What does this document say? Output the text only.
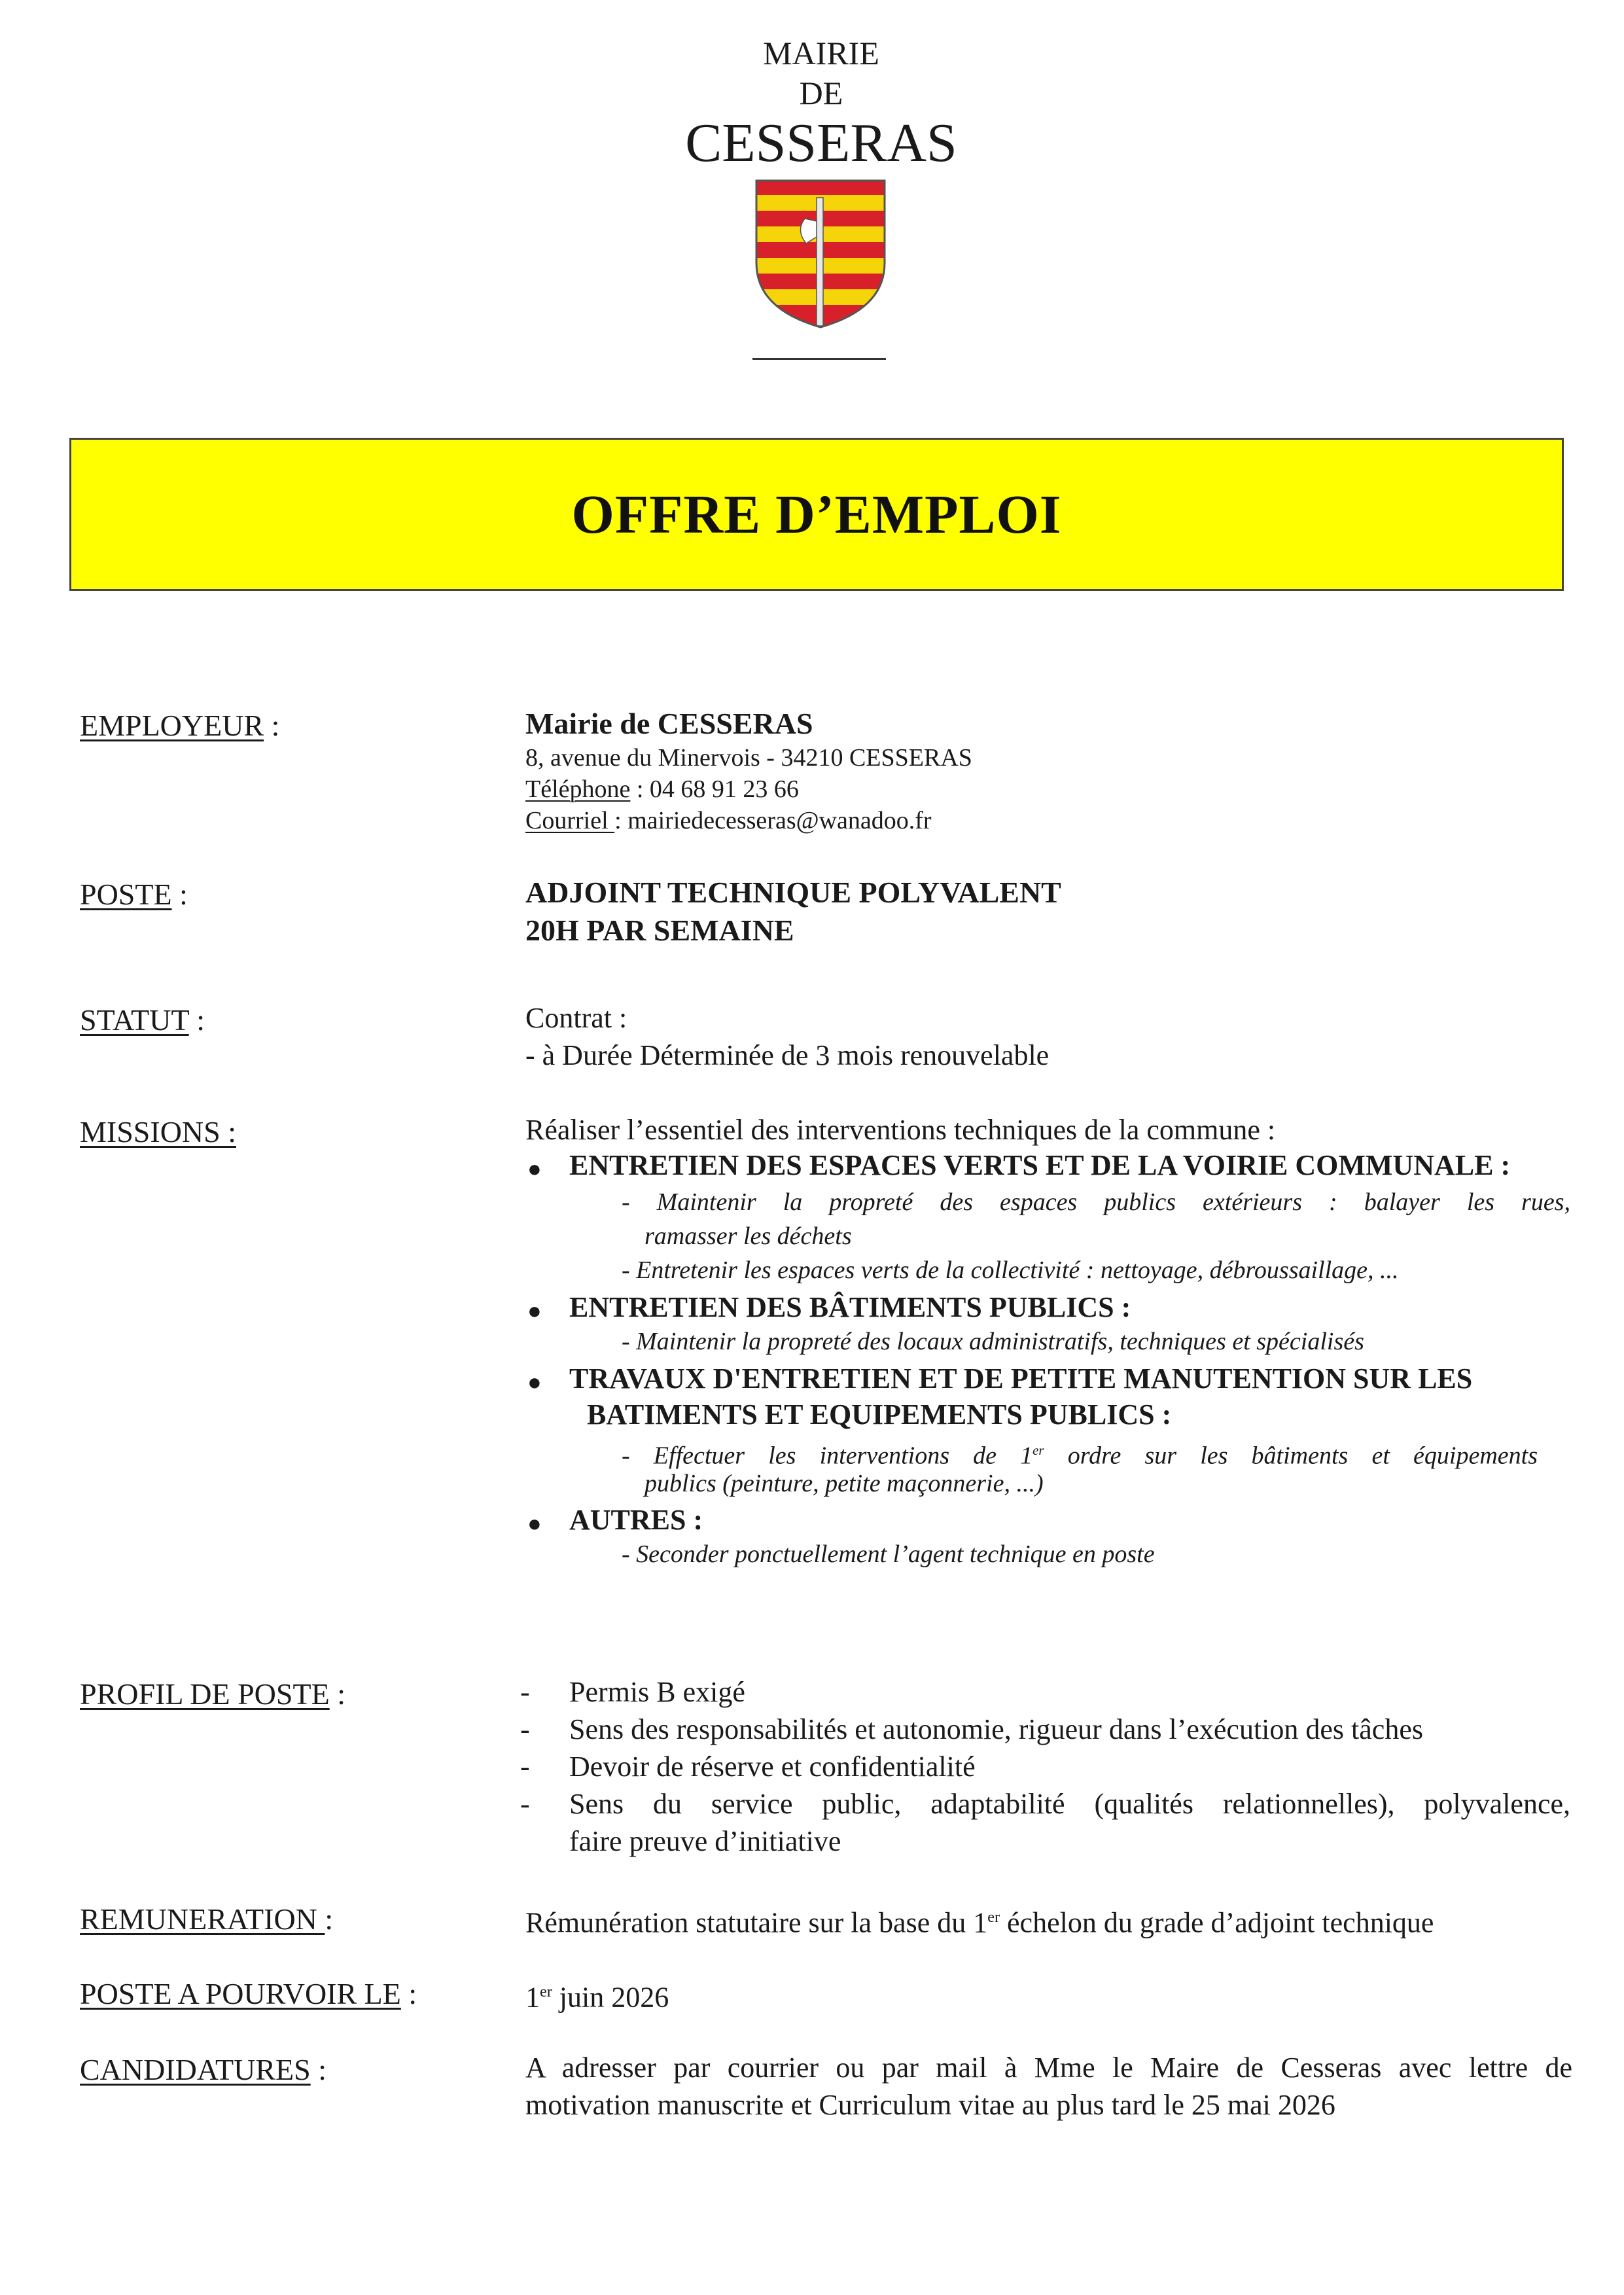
MAIRIE
DE
CESSERAS
OFFRE D’EMPLOI
EMPLOYEUR :	Mairie de CESSERAS
8, avenue du Minervois - 34210 CESSERAS
Téléphone : 04 68 91 23 66
Courriel : mairiedecesseras@wanadoo.fr
POSTE :	ADJOINT TECHNIQUE POLYVALENT
20H PAR SEMAINE
STATUT :	Contrat :
- à Durée Déterminée de 3 mois renouvelable
MISSIONS :	Réaliser l’essentiel des interventions techniques de la commune :
● ENTRETIEN DES ESPACES VERTS ET DE LA VOIRIE COMMUNALE :
- Maintenir la propreté des espaces publics extérieurs : balayer les rues,
ramasser les déchets
- Entretenir les espaces verts de la collectivité : nettoyage, débroussaillage, ...
● ENTRETIEN DES BÂTIMENTS PUBLICS :
- Maintenir la propreté des locaux administratifs, techniques et spécialisés
● TRAVAUX D'ENTRETIEN ET DE PETITE MANUTENTION SUR LES
BATIMENTS ET EQUIPEMENTS PUBLICS :
- Effectuer les interventions de 1er ordre sur les bâtiments et équipements
publics (peinture, petite maçonnerie, ...)
● AUTRES :
- Seconder ponctuellement l’agent technique en poste
PROFIL DE POSTE :	- Permis B exigé
- Sens des responsabilités et autonomie, rigueur dans l’exécution des tâches
- Devoir de réserve et confidentialité
- Sens du service public, adaptabilité (qualités relationnelles), polyvalence,
faire preuve d’initiative
REMUNERATION :	Rémunération statutaire sur la base du 1er échelon du grade d’adjoint technique
POSTE A POURVOIR LE :	1er juin 2026
CANDIDATURES :	A adresser par courrier ou par mail à Mme le Maire de Cesseras avec lettre de
motivation manuscrite et Curriculum vitae au plus tard le 25 mai 2026
